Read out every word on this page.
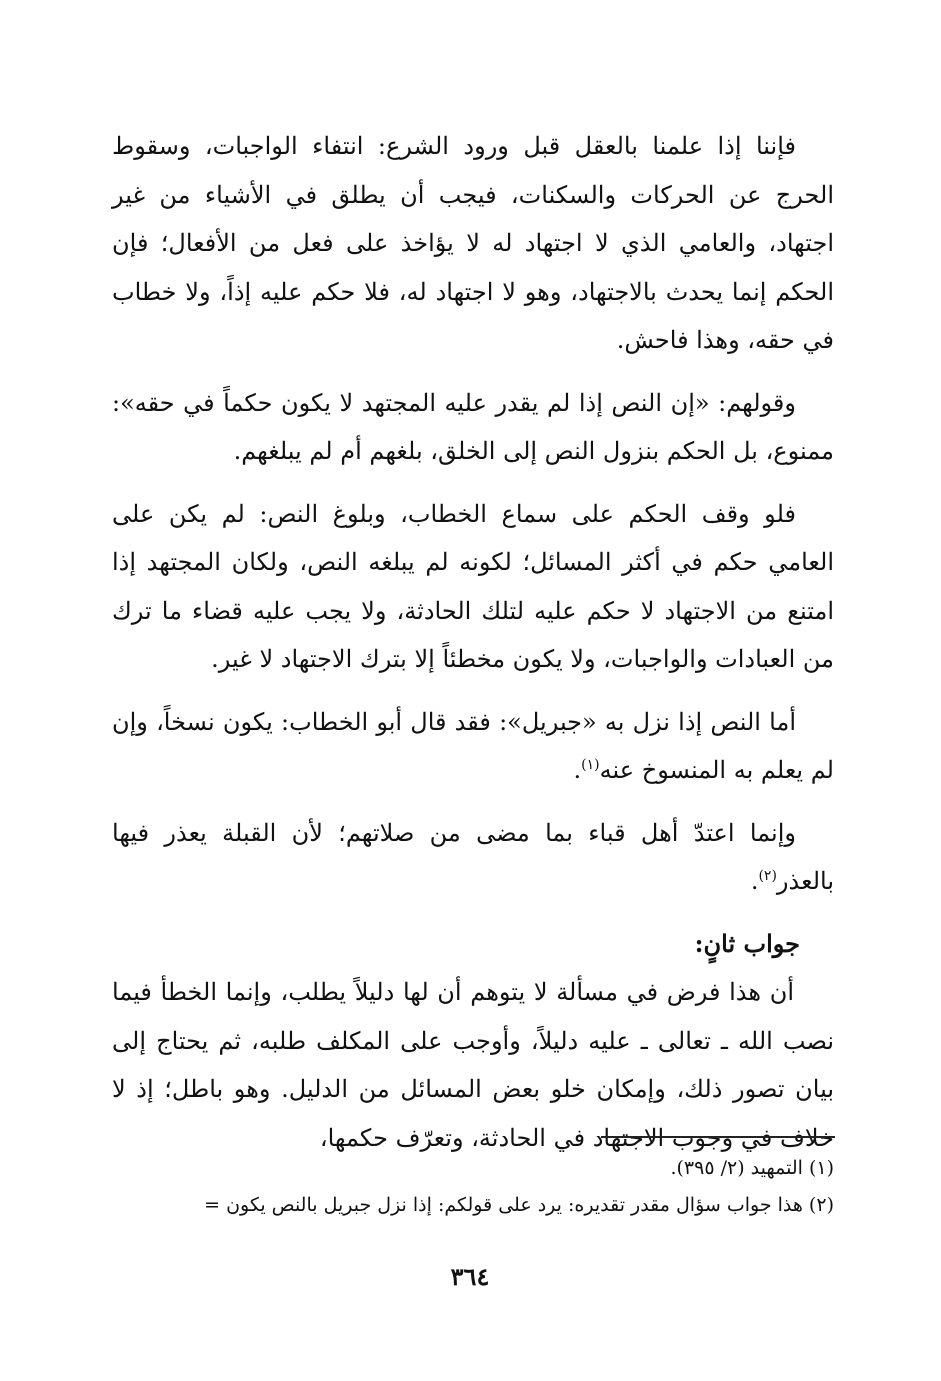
فإننا إذا علمنا بالعقل قبل ورود الشرع: انتفاء الواجبات، وسقوط الحرج عن الحركات والسكنات، فيجب أن يطلق في الأشياء من غير اجتهاد، والعامي الذي لا اجتهاد له لا يؤاخذ على فعل من الأفعال؛ فإن الحكم إنما يحدث بالاجتهاد، وهو لا اجتهاد له، فلا حكم عليه إذاً، ولا خطاب في حقه، وهذا فاحش.

وقولهم: «إن النص إذا لم يقدر عليه المجتهد لا يكون حكماً في حقه»: ممنوع، بل الحكم بنزول النص إلى الخلق، بلغهم أم لم يبلغهم.

فلو وقف الحكم على سماع الخطاب، وبلوغ النص: لم يكن على العامي حكم في أكثر المسائل؛ لكونه لم يبلغه النص، ولكان المجتهد إذا امتنع من الاجتهاد لا حكم عليه لتلك الحادثة، ولا يجب عليه قضاء ما ترك من العبادات والواجبات، ولا يكون مخطئاً إلا بترك الاجتهاد لا غير.

أما النص إذا نزل به «جبريل»: فقد قال أبو الخطاب: يكون نسخاً، وإن لم يعلم به المنسوخ عنه$^{(١)}$.

وإنما اعتدّ أهل قباء بما مضى من صلاتهم؛ لأن القبلة يعذر فيها بالعذر$^{(٢)}$.

جواب ثانٍ:

أن هذا فرض في مسألة لا يتوهم أن لها دليلاً يطلب، وإنما الخطأ فيما نصب الله ـ تعالى ـ عليه دليلاً، وأوجب على المكلف طلبه، ثم يحتاج إلى بيان تصور ذلك، وإمكان خلو بعض المسائل من الدليل. وهو باطل؛ إذ لا خلاف في وجوب الاجتهاد في الحادثة، وتعرّف حكمها،

(١) التمهيد (٢/ ٣٩٥).

(٢) هذا جواب سؤال مقدر تقديره: يرد على قولكم: إذا نزل جبريل بالنص يكون =

٣٦٤
